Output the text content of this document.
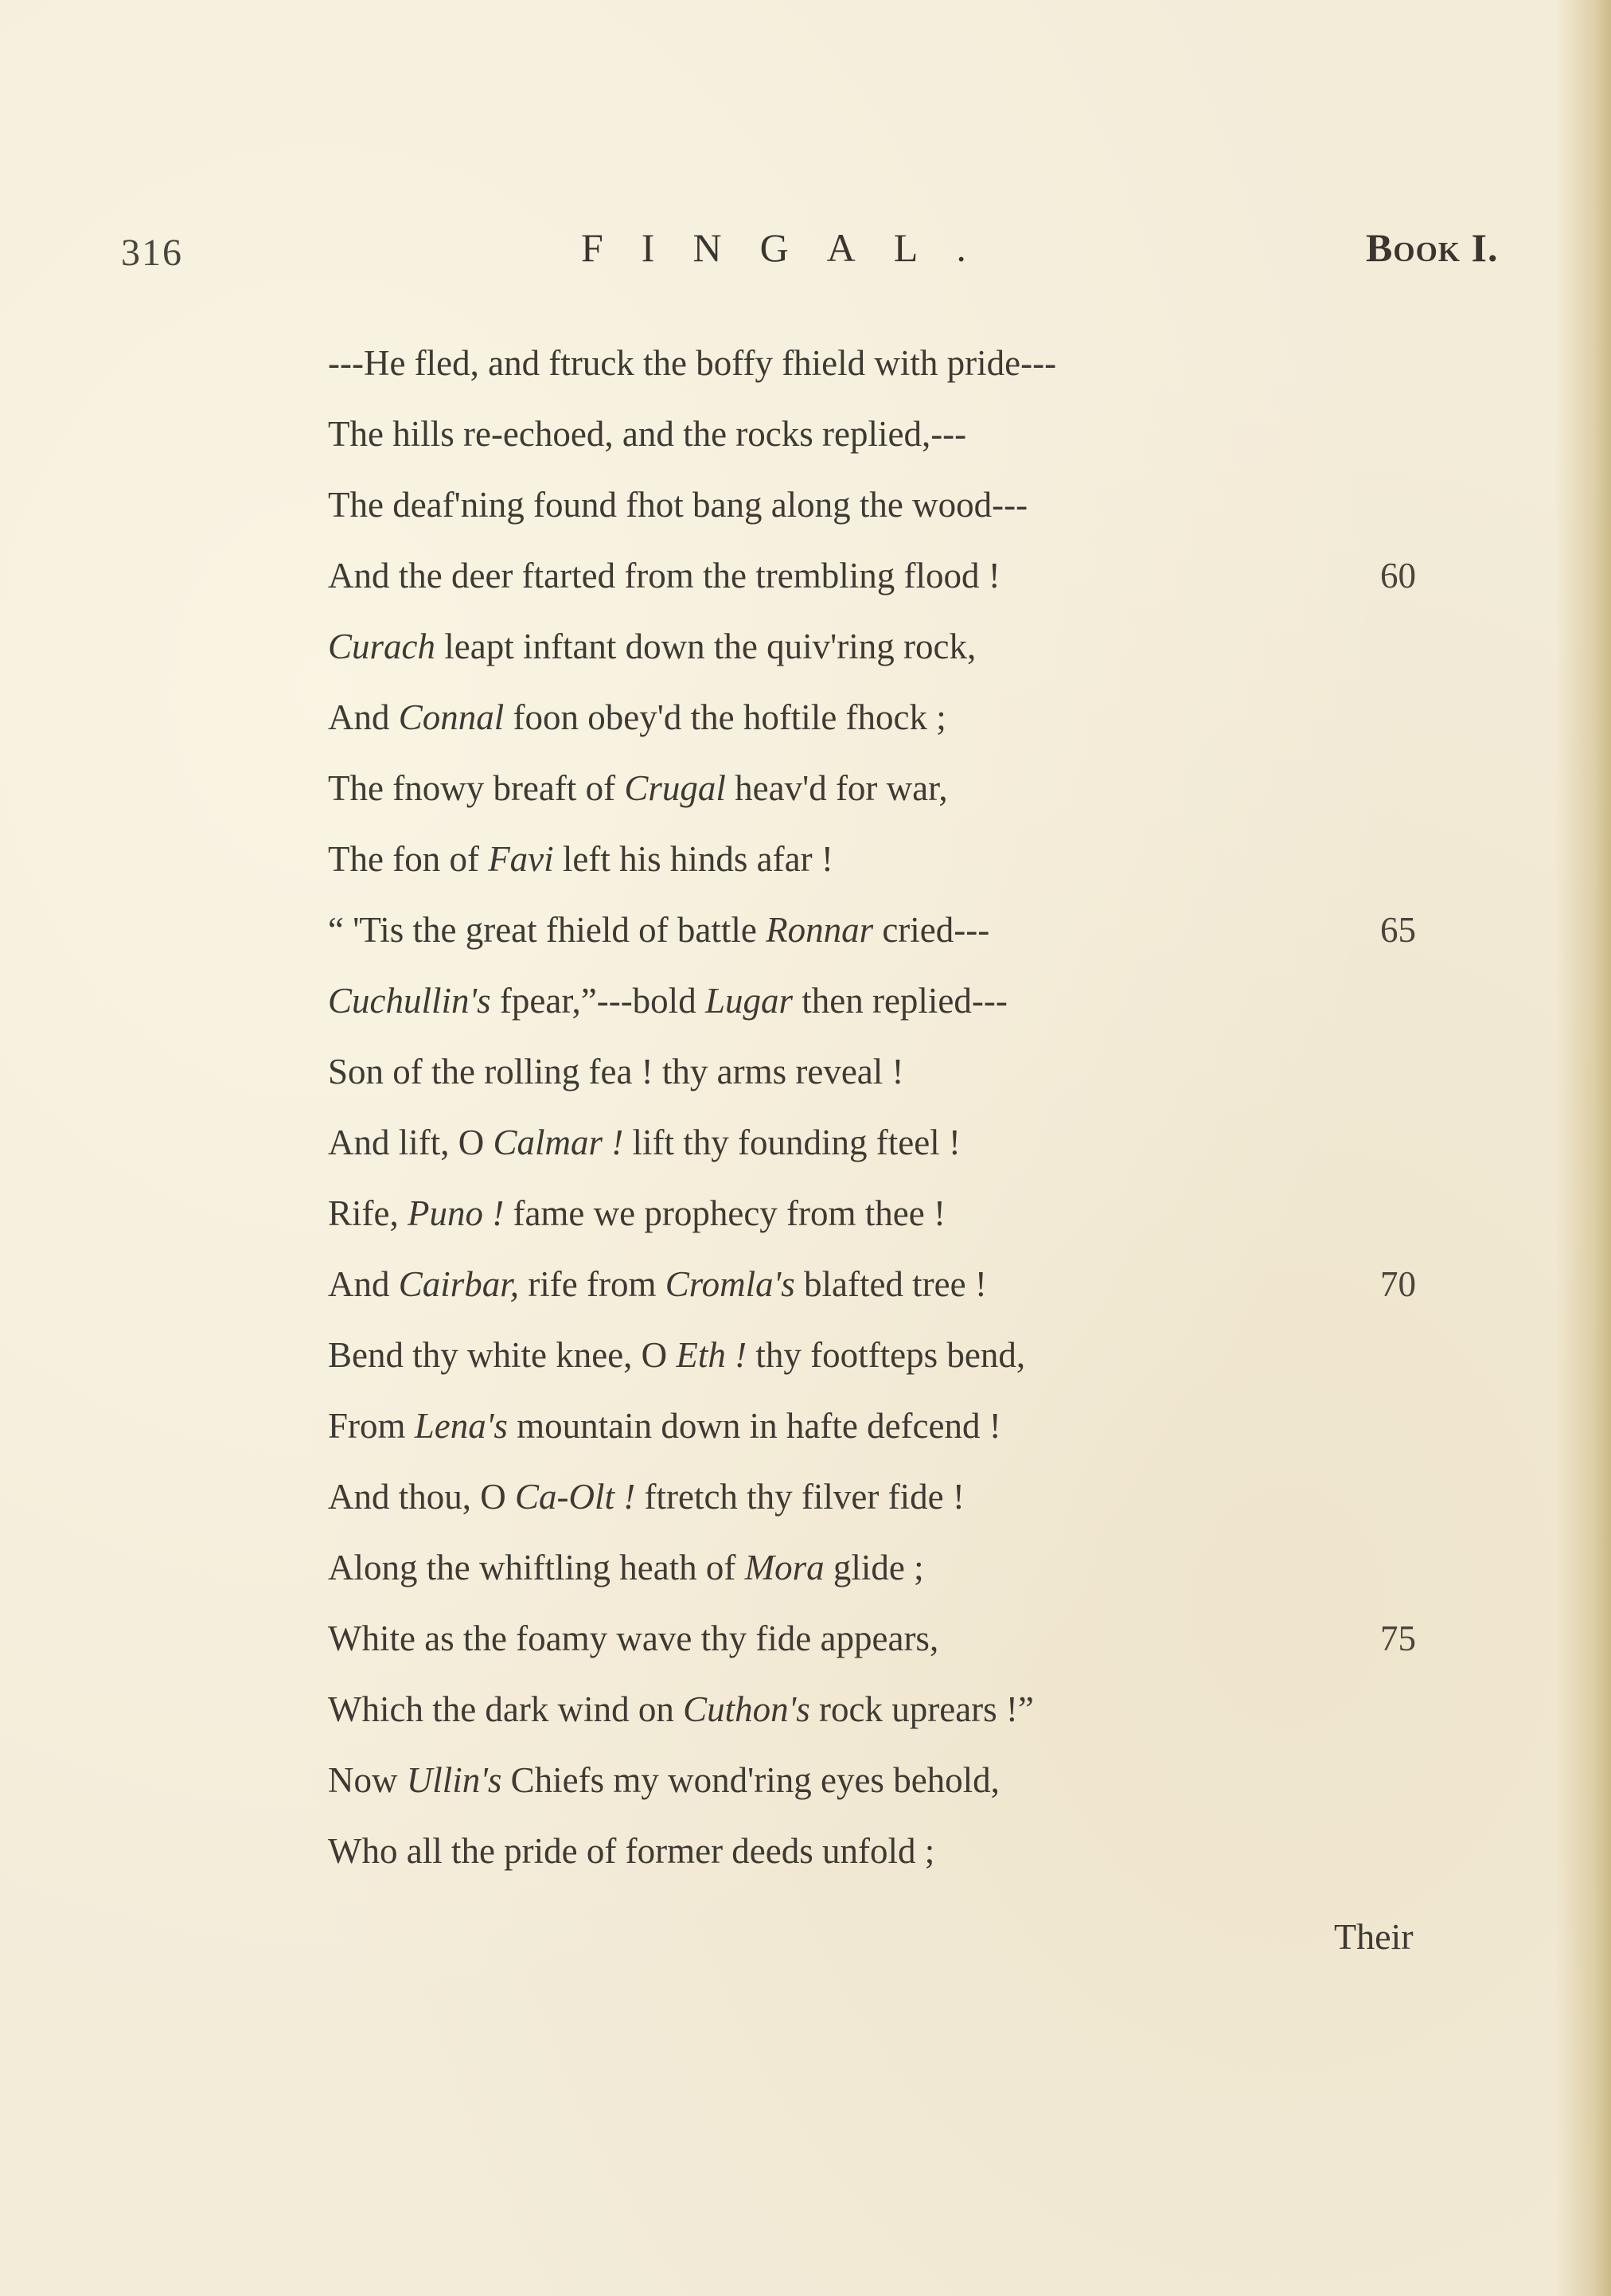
316	FINGAL.	Book I.
---He fled, and ftruck the boffy fhield with pride---
The hills re-echoed, and the rocks replied,---
The deaf'ning found fhot bang along the wood---
And the deer ftarted from the trembling flood !	60
Curach leapt inftant down the quiv'ring rock,
And Connal foon obey'd the hoftile fhock ;
The fnowy breaft of Crugal heav'd for war,
The fon of Favi left his hinds afar !
“ 'Tis the great fhield of battle Ronnar cried---	65
Cuchullin's fpear,”---bold Lugar then replied---
Son of the rolling fea ! thy arms reveal !
And lift, O Calmar ! lift thy founding fteel !
Rife, Puno ! fame we prophecy from thee !
And Cairbar, rife from Cromla's blafted tree !	70
Bend thy white knee, O Eth ! thy footfteps bend,
From Lena's mountain down in hafte defcend !
And thou, O Ca-Olt ! ftretch thy filver fide !
Along the whiftling heath of Mora glide ;
White as the foamy wave thy fide appears,	75
Which the dark wind on Cuthon's rock uprears !”
Now Ullin's Chiefs my wond'ring eyes behold,
Who all the pride of former deeds unfold ;
Their
